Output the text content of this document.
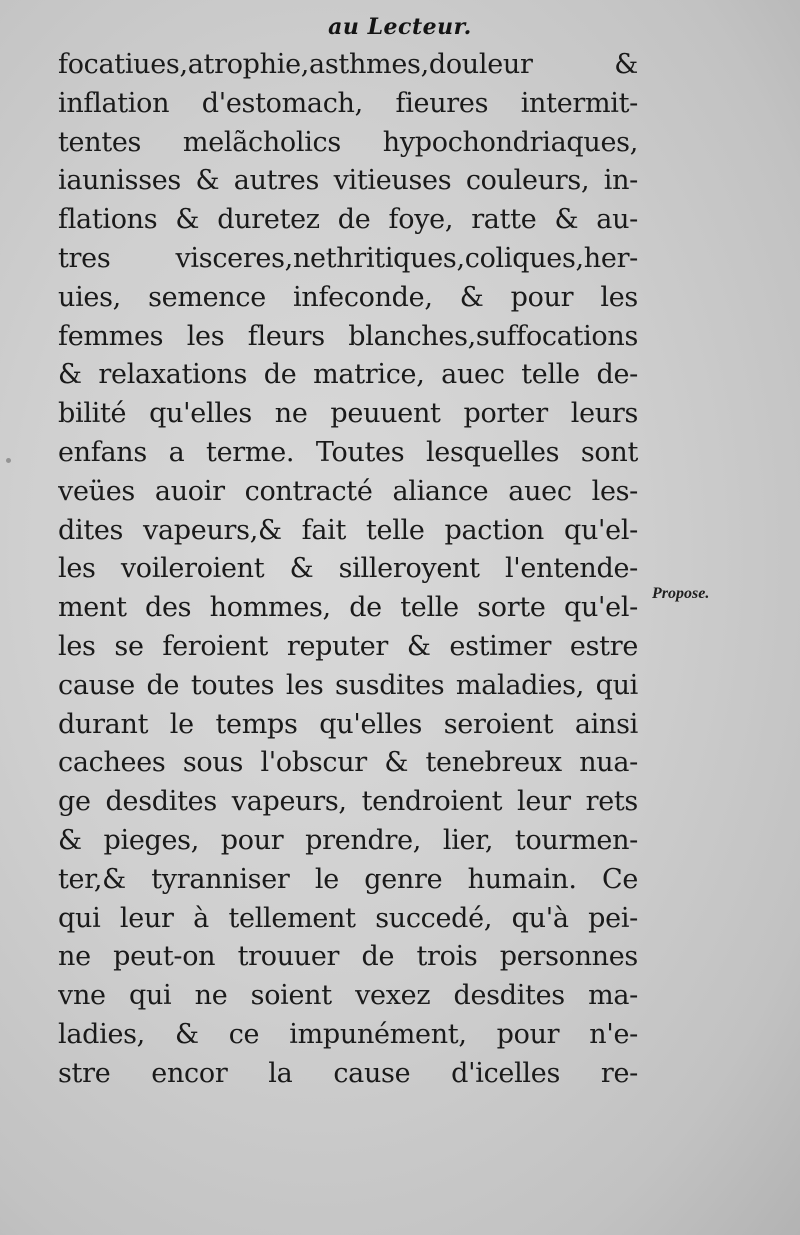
au Lecteur.
focatiues,atrophie,asthmes,douleur &
inflation d'estomach, fieures intermit-
tentes melãcholics hypochondriaques,
iaunisses & autres vitieuses couleurs, in-
flations & duretez de foye, ratte & au-
tres visceres,nethritiques,coliques,her-
uies, semence infeconde, & pour les
femmes les fleurs blanches,suffocations
& relaxations de matrice, auec telle de-
bilité qu'elles ne peuuent porter leurs
enfans a terme. Toutes lesquelles sont
veües auoir contracté aliance auec les-
dites vapeurs,& fait telle paction qu'el-
les voileroient & silleroyent l'entende-
ment des hommes, de telle sorte qu'el-
les se feroient reputer & estimer estre
cause de toutes les susdites maladies, qui
durant le temps qu'elles seroient ainsi
cachees sous l'obscur & tenebreux nua-
ge desdites vapeurs, tendroient leur rets
& pieges, pour prendre, lier, tourmen-
ter,& tyranniser le genre humain. Ce
qui leur à tellement succedé, qu'à pei-
ne peut-on trouuer de trois personnes
vne qui ne soient vexez desdites ma-
ladies, & ce impunément, pour n'e-
stre encor la cause d'icelles re-
Propose.
